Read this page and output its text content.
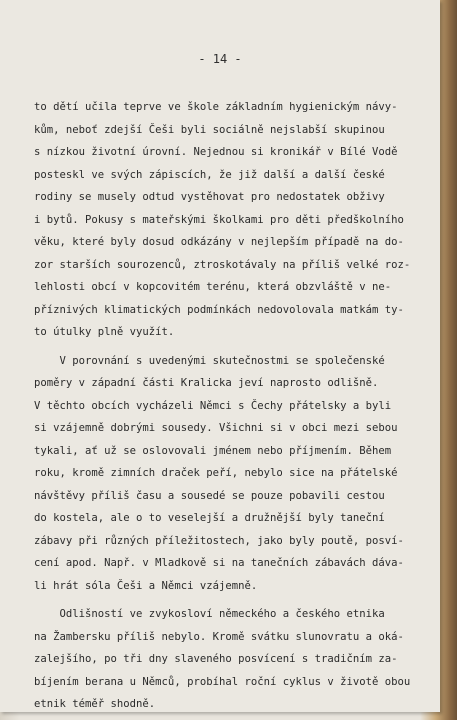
- 14 -
to dětí učila teprve ve škole základním hygienickým návy-
kům, neboť zdejší Češi byli sociálně nejslabší skupinou
s nízkou životní úrovní. Nejednou si kronikář v Bílé Vodě
posteskl ve svých zápiscích, že již další a další české
rodiny se musely odtud vystěhovat pro nedostatek obživy
i bytů. Pokusy s mateřskými školkami pro děti předškolního
věku, které byly dosud odkázány v nejlepším případě na do-
zor starších sourozenců, ztroskotávaly na příliš velké roz-
lehlosti obcí v kopcovitém terénu, která obzvláště v ne-
příznivých klimatických podmínkách nedovolovala matkám ty-
to útulky plně využít.
V porovnání s uvedenými skutečnostmi se společenské
poměry v západní části Kralicka jeví naprosto odlišně.
V těchto obcích vycházeli Němci s Čechy přátelsky a byli
si vzájemně dobrými sousedy. Všichni si v obci mezi sebou
tykali, ať už se oslovovali jménem nebo příjmením. Během
roku, kromě zimních draček peří, nebylo sice na přátelské
návštěvy příliš času a sousedé se pouze pobavili cestou
do kostela, ale o to veselejší a družnější byly taneční
zábavy při různých příležitostech, jako byly poutě, posví-
cení apod. Např. v Mladkově si na tanečních zábavách dáva-
li hrát sóla Češi a Němci vzájemně.
Odlišností ve zvykosloví německého a českého etnika
na Žambersku příliš nebylo. Kromě svátku slunovratu a oká-
zalejšího, po tři dny slaveného posvícení s tradičním za-
bíjením berana u Němců, probíhal roční cyklus v životě obou
etnik téměř shodně.
